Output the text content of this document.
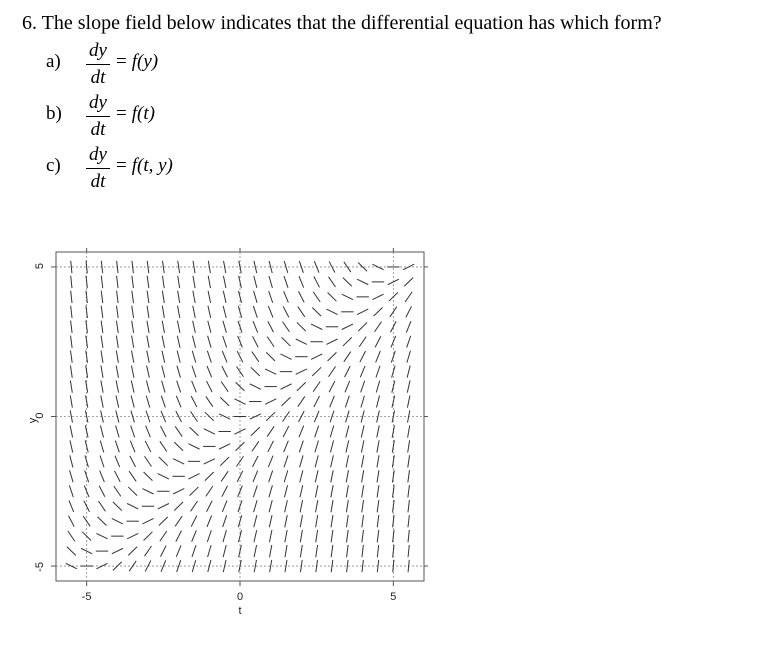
6. The slope field below indicates that the differential equation has which form?
a)
dy
dt
= f(y)
b)
dy
dt
= f(t)
c)
dy
dt
= f(t, y)
-5	0	5
5
0
-5
t
y
